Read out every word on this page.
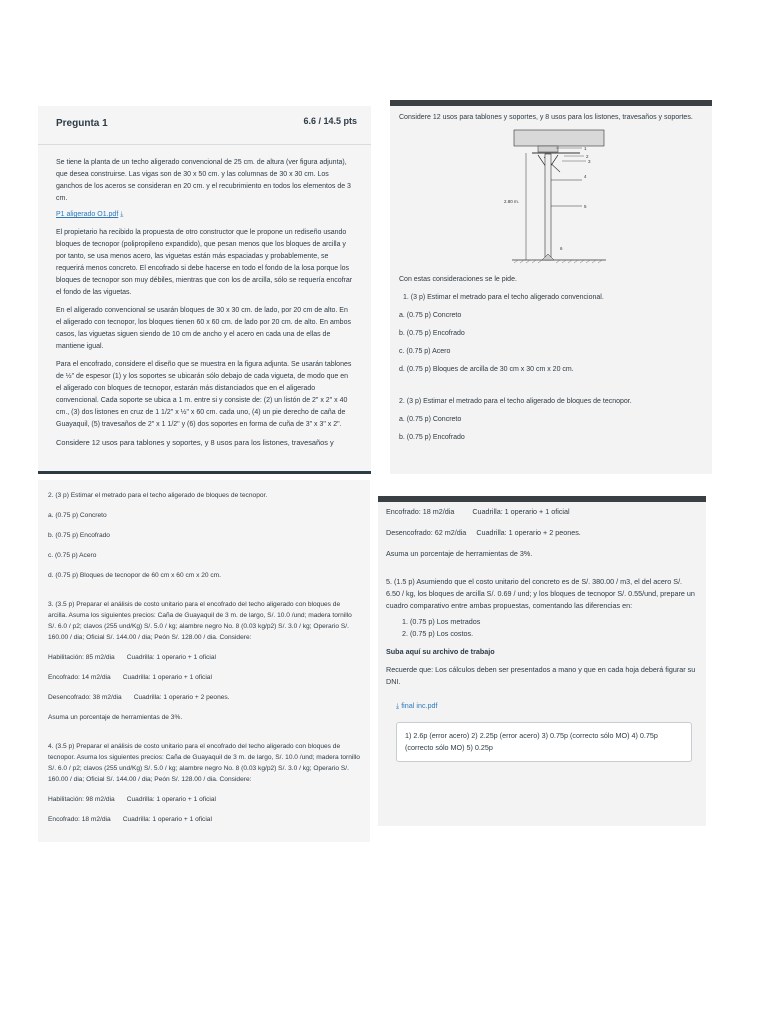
Pregunta 1	6.6 / 14.5 pts

Se tiene la planta de un techo aligerado convencional de 25 cm. de altura (ver figura adjunta), que desea construirse. Las vigas son de 30 x 50 cm. y las columnas de 30 x 30 cm. Los ganchos de los aceros se consideran en 20 cm. y el recubrimiento en todos los elementos de 3 cm.

P1 aligerado O1.pdf ⤓

El propietario ha recibido la propuesta de otro constructor que le propone un rediseño usando bloques de tecnopor (polipropileno expandido), que pesan menos que los bloques de arcilla y por tanto, se usa menos acero, las viguetas están más espaciadas y probablemente, se requerirá menos concreto. El encofrado si debe hacerse en todo el fondo de la losa porque los bloques de tecnopor son muy débiles, mientras que con los de arcilla, sólo se requería encofrar el fondo de las viguetas.

En el aligerado convencional se usarán bloques de 30 x 30 cm. de lado, por 20 cm de alto. En el aligerado con tecnopor, los bloques tienen 60 x 60 cm. de lado por 20 cm. de alto. En ambos casos, las viguetas siguen siendo de 10 cm de ancho y el acero en cada una de ellas de mantiene igual.

Para el encofrado, considere el diseño que se muestra en la figura adjunta. Se usarán tablones de ½" de espesor (1) y los soportes se ubicarán sólo debajo de cada vigueta, de modo que en el aligerado con bloques de tecnopor, estarán más distanciados que en el aligerado convencional. Cada soporte se ubica a 1 m. entre si y consiste de: (2) un listón de 2" x 2" x 40 cm., (3) dos listones en cruz de 1 1/2" x ½" x 60 cm. cada uno, (4) un pie derecho de caña de Guayaquil, (5) travesaños de 2" x 1 1/2" y (6) dos soportes en forma de cuña de 3" x 3" x 2".

Considere 12 usos para tablones y soportes, y 8 usos para los listones, travesaños y

Considere 12 usos para tablones y soportes, y 8 usos para los listones, travesaños y soportes.

2.80 m.
1
2
3
4
5
6

Con estas consideraciones se le pide.

1. (3 p) Estimar el metrado para el techo aligerado convencional.

a. (0.75 p) Concreto

b. (0.75 p) Encofrado

c. (0.75 p) Acero

d. (0.75 p) Bloques de arcilla de 30 cm x 30 cm x 20 cm.

2. (3 p) Estimar el metrado para el techo aligerado de bloques de tecnopor.

a. (0.75 p) Concreto

b. (0.75 p) Encofrado

2. (3 p) Estimar el metrado para el techo aligerado de bloques de tecnopor.

a. (0.75 p) Concreto

b. (0.75 p) Encofrado

c. (0.75 p) Acero

d. (0.75 p) Bloques de tecnopor de 60 cm x 60 cm x 20 cm.

3. (3.5 p) Preparar el análisis de costo unitario para el encofrado del techo aligerado con bloques de arcilla. Asuma los siguientes precios: Caña de Guayaquil de 3 m. de largo, S/. 10.0 /und; madera tornillo S/. 6.0 / p2; clavos (255 und/Kg) S/. 5.0 / kg; alambre negro No. 8 (0.03 kg/p2) S/. 3.0 / kg; Operario S/. 160.00 / dia; Oficial S/. 144.00 / dia; Peón S/. 128.00 / dia. Considere:

Habilitación: 85 m2/dia Cuadrilla: 1 operario + 1 oficial

Encofrado: 14 m2/dia Cuadrilla: 1 operario + 1 oficial

Desencofrado: 38 m2/dia Cuadrilla: 1 operario + 2 peones.

Asuma un porcentaje de herramientas de 3%.

4. (3.5 p) Preparar el análisis de costo unitario para el encofrado del techo aligerado con bloques de tecnopor. Asuma los siguientes precios: Caña de Guayaquil de 3 m. de largo, S/. 10.0 /und; madera tornillo S/. 6.0 / p2; clavos (255 und/Kg) S/. 5.0 / kg; alambre negro No. 8 (0.03 kg/p2) S/. 3.0 / kg; Operario S/. 160.00 / dia; Oficial S/. 144.00 / dia; Peón S/. 128.00 / dia. Considere:

Habilitación: 98 m2/dia Cuadrilla: 1 operario + 1 oficial

Encofrado: 18 m2/dia Cuadrilla: 1 operario + 1 oficial

Encofrado: 18 m2/dia	Cuadrilla: 1 operario + 1 oficial

Desencofrado: 62 m2/dia Cuadrilla: 1 operario + 2 peones.

Asuma un porcentaje de herramientas de 3%.

5. (1.5 p) Asumiendo que el costo unitario del concreto es de S/. 380.00 / m3, el del acero S/. 6.50 / kg, los bloques de arcilla S/. 0.69 / und; y los bloques de tecnopor S/. 0.55/und, prepare un cuadro comparativo entre ambas propuestas, comentando las diferencias en:

1. (0.75 p) Los metrados
2. (0.75 p) Los costos.

Suba aquí su archivo de trabajo

Recuerde que: Los cálculos deben ser presentados a mano y que en cada hoja deberá figurar su DNI.

⤓ final inc.pdf

1) 2.6p (error acero) 2) 2.25p (error acero) 3) 0.75p (correcto sólo MO) 4) 0.75p (correcto sólo MO) 5) 0.25p
